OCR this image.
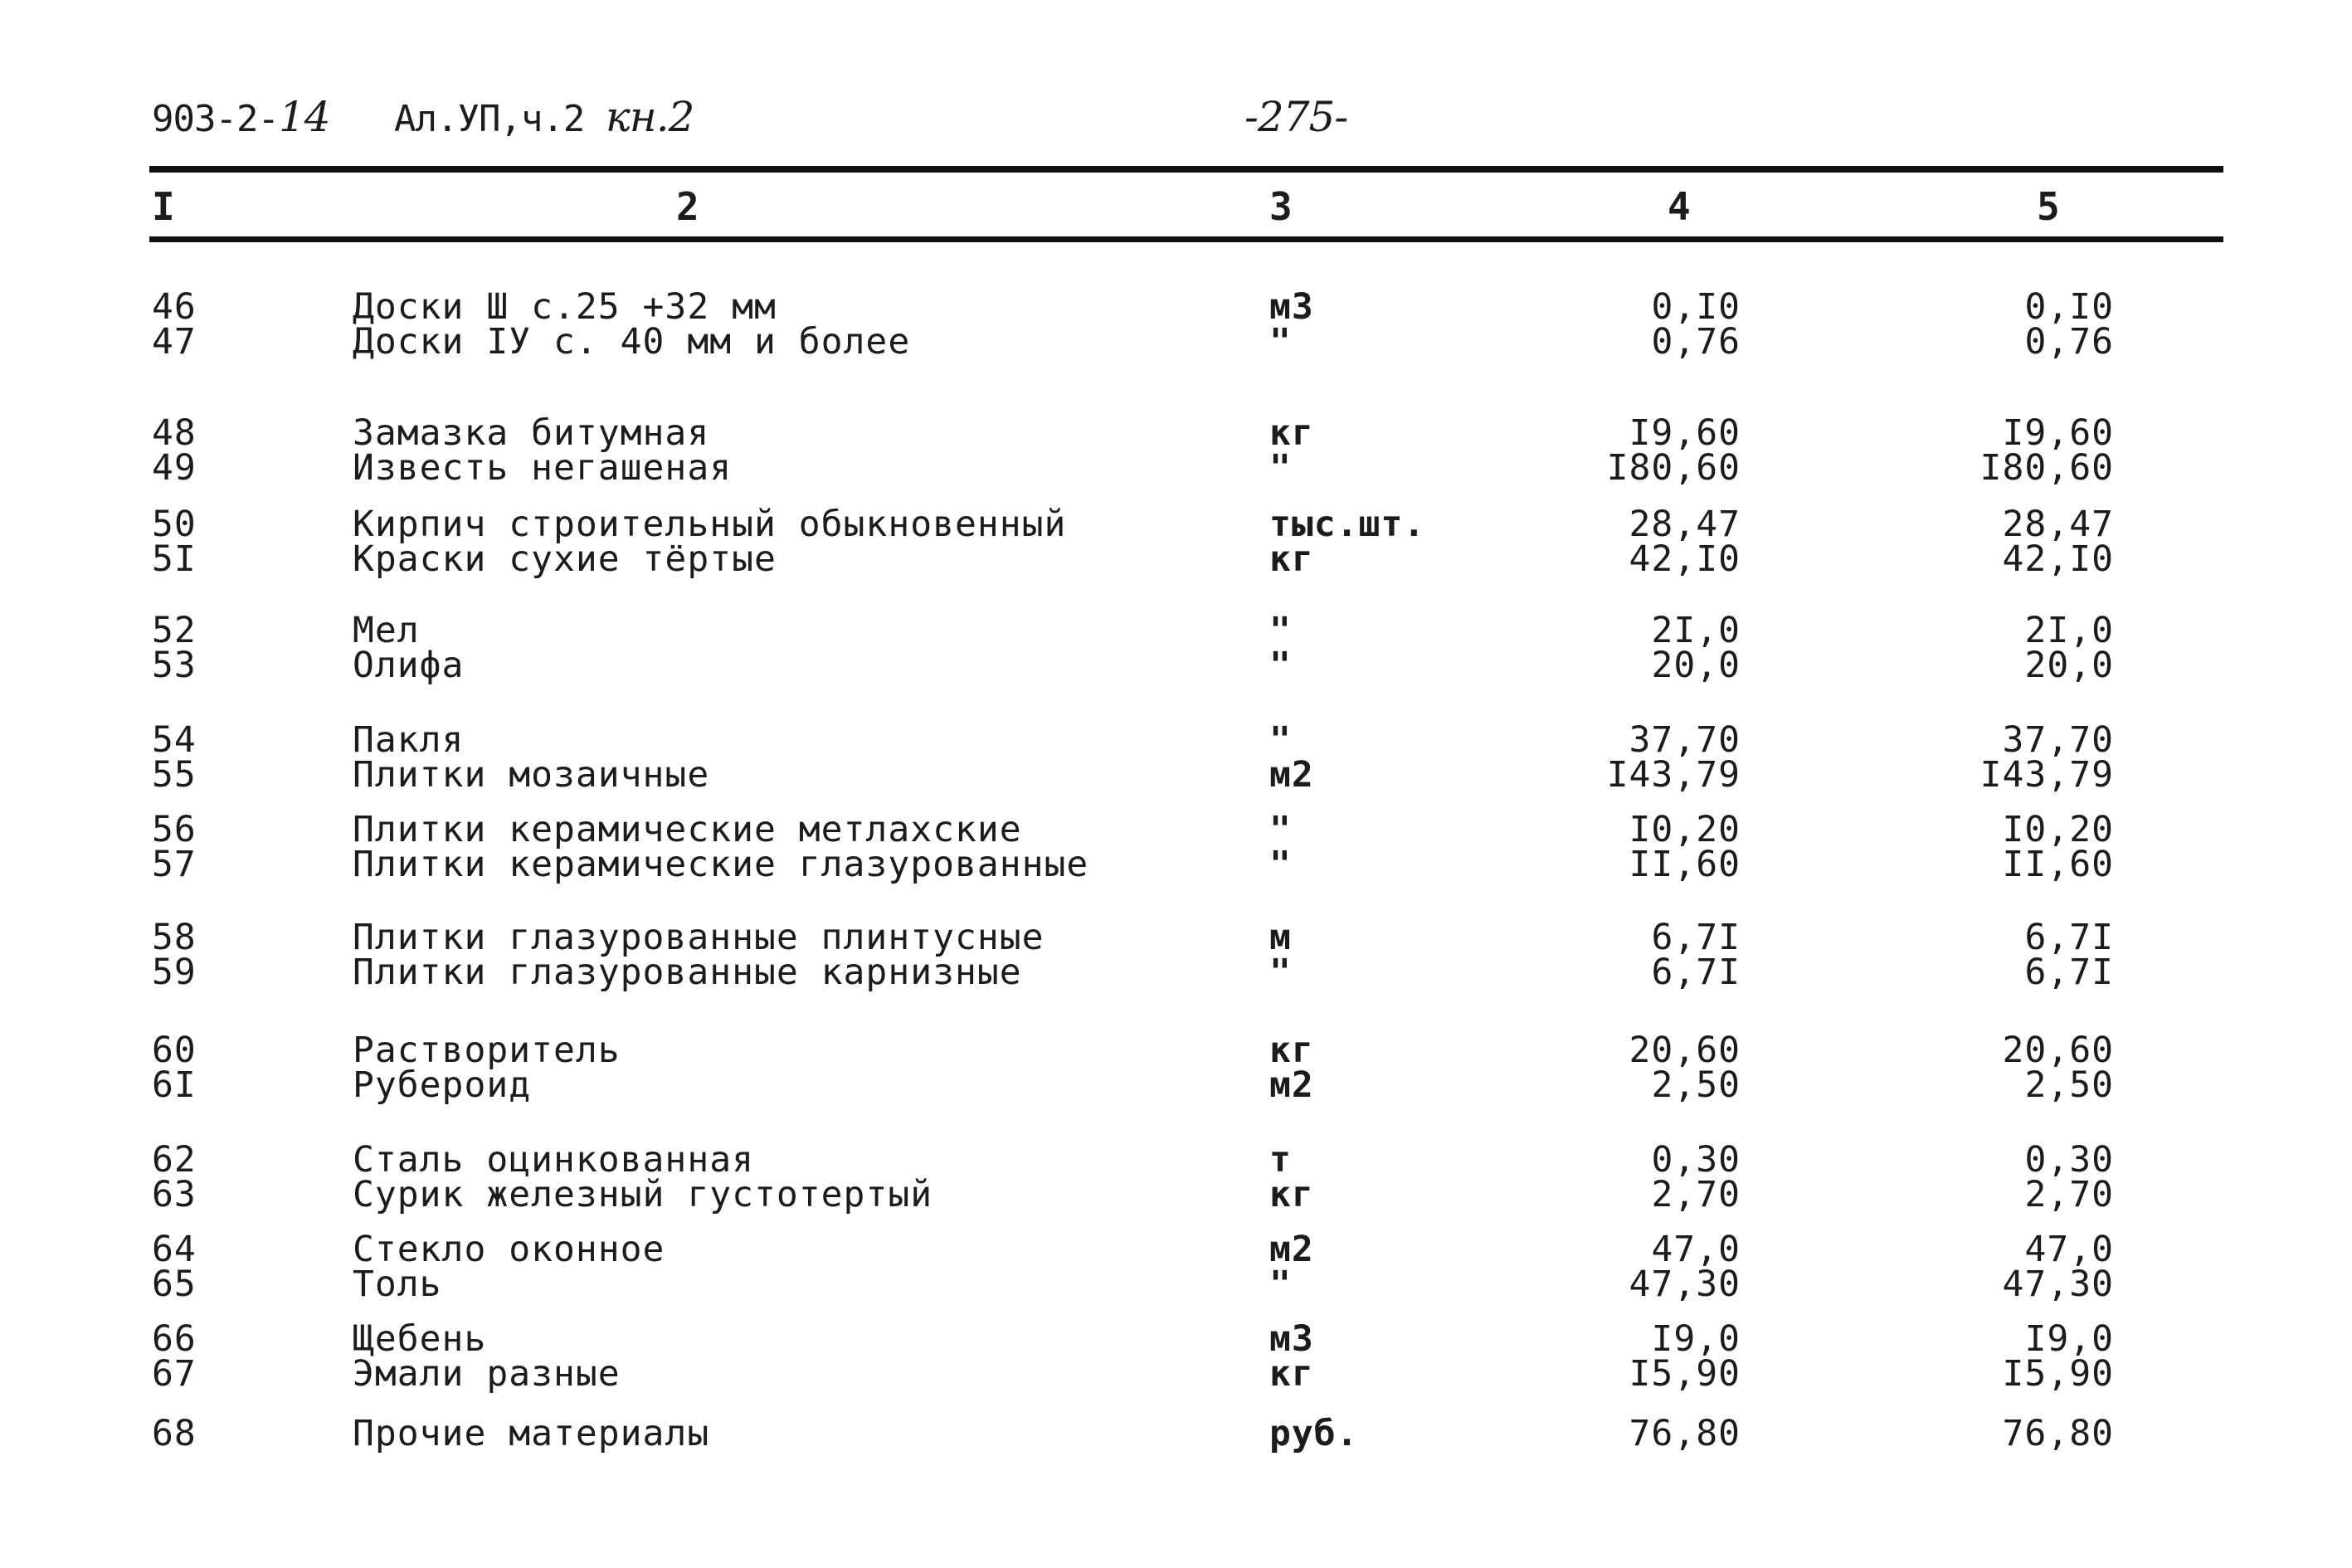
903-2-14 Ал.УП,ч.2 кн.2	-275-
I	2	3	4	5
46	Доски Ш с.25 +32 мм	м3	0,I0	0,I0
47	Доски IУ с. 40 мм и более	"	0,76	0,76
48	Замазка битумная	кг	I9,60	I9,60
49	Известь негашеная	"	I80,60	I80,60
50	Кирпич строительный обыкновенный	тыс.шт.	28,47	28,47
5I	Краски сухие тёртые	кг	42,I0	42,I0
52	Мел	"	2I,0	2I,0
53	Олифа	"	20,0	20,0
54	Пакля	"	37,70	37,70
55	Плитки мозаичные	м2	I43,79	I43,79
56	Плитки керамические метлахские	"	I0,20	I0,20
57	Плитки керамические глазурованные	"	II,60	II,60
58	Плитки глазурованные плинтусные	м	6,7I	6,7I
59	Плитки глазурованные карнизные	"	6,7I	6,7I
60	Растворитель	кг	20,60	20,60
6I	Рубероид	м2	2,50	2,50
62	Сталь оцинкованная	т	0,30	0,30
63	Сурик железный густотертый	кг	2,70	2,70
64	Стекло оконное	м2	47,0	47,0
65	Толь	"	47,30	47,30
66	Щебень	м3	I9,0	I9,0
67	Эмали разные	кг	I5,90	I5,90
68	Прочие материалы	руб.	76,80	76,80
